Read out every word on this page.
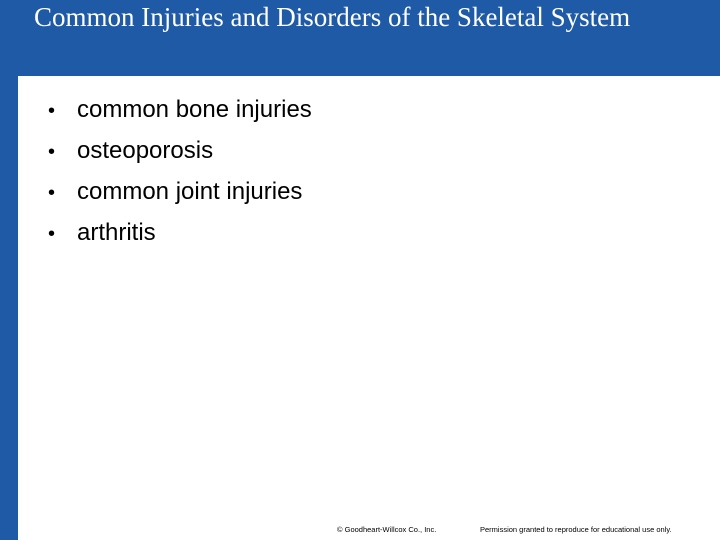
Common Injuries and Disorders of the Skeletal System
• common bone injuries
• osteoporosis
• common joint injuries
• arthritis
© Goodheart-Willcox Co., Inc.	Permission granted to reproduce for educational use only.
